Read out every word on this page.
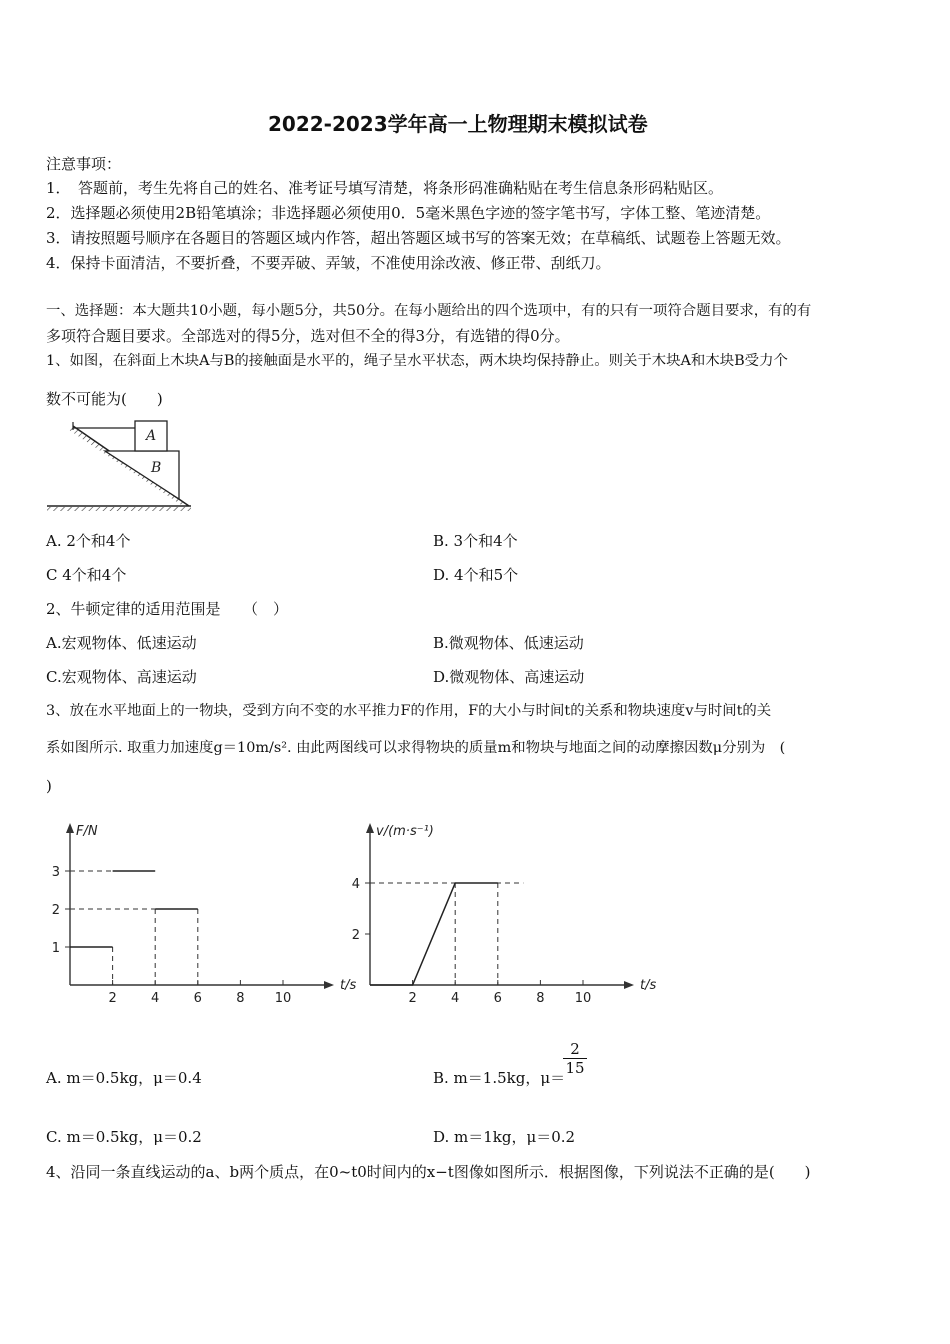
2022-2023学年高一上物理期末模拟试卷
注意事项：
1．　答题前，考生先将自己的姓名、准考证号填写清楚，将条形码准确粘贴在考生信息条形码粘贴区。
2．选择题必须使用2B铅笔填涂；非选择题必须使用0．5毫米黑色字迹的签字笔书写，字体工整、笔迹清楚。
3．请按照题号顺序在各题目的答题区域内作答，超出答题区域书写的答案无效；在草稿纸、试题卷上答题无效。
4．保持卡面清洁，不要折叠，不要弄破、弄皱，不准使用涂改液、修正带、刮纸刀。
一、选择题：本大题共10小题，每小题5分，共50分。在每小题给出的四个选项中，有的只有一项符合题目要求，有的有
多项符合题目要求。全部选对的得5分，选对但不全的得3分，有选错的得0分。
1、如图，在斜面上木块A与B的接触面是水平的，绳子呈水平状态，两木块均保持静止。则关于木块A和木块B受力个
数不可能为(　　)
A
B
A. 2个和4个	B. 3个和4个
C 4个和4个	D. 4个和5个
2、牛顿定律的适用范围是　　（　）
A.宏观物体、低速运动	B.微观物体、低速运动
C.宏观物体、高速运动	D.微观物体、高速运动
3、放在水平地面上的一物块，受到方向不变的水平推力F的作用，F的大小与时间t的关系和物块速度v与时间t的关
系如图所示. 取重力加速度g＝10m/s². 由此两图线可以求得物块的质量m和物块与地面之间的动摩擦因数μ分别为　(
)
t/s
F/N
2	4	6	8 10
1
2
3
t/s
v/(m·s⁻¹)
2	4	6	8 10
2
4
A. m＝0.5kg，μ＝0.4	B. m＝1.5kg，μ＝
$\frac{2}{15}$
C. m＝0.5kg，μ＝0.2	D. m＝1kg，μ＝0.2
4、沿同一条直线运动的a、b两个质点，在0~t0时间内的x−t图像如图所示．根据图像，下列说法不正确的是(　　)
